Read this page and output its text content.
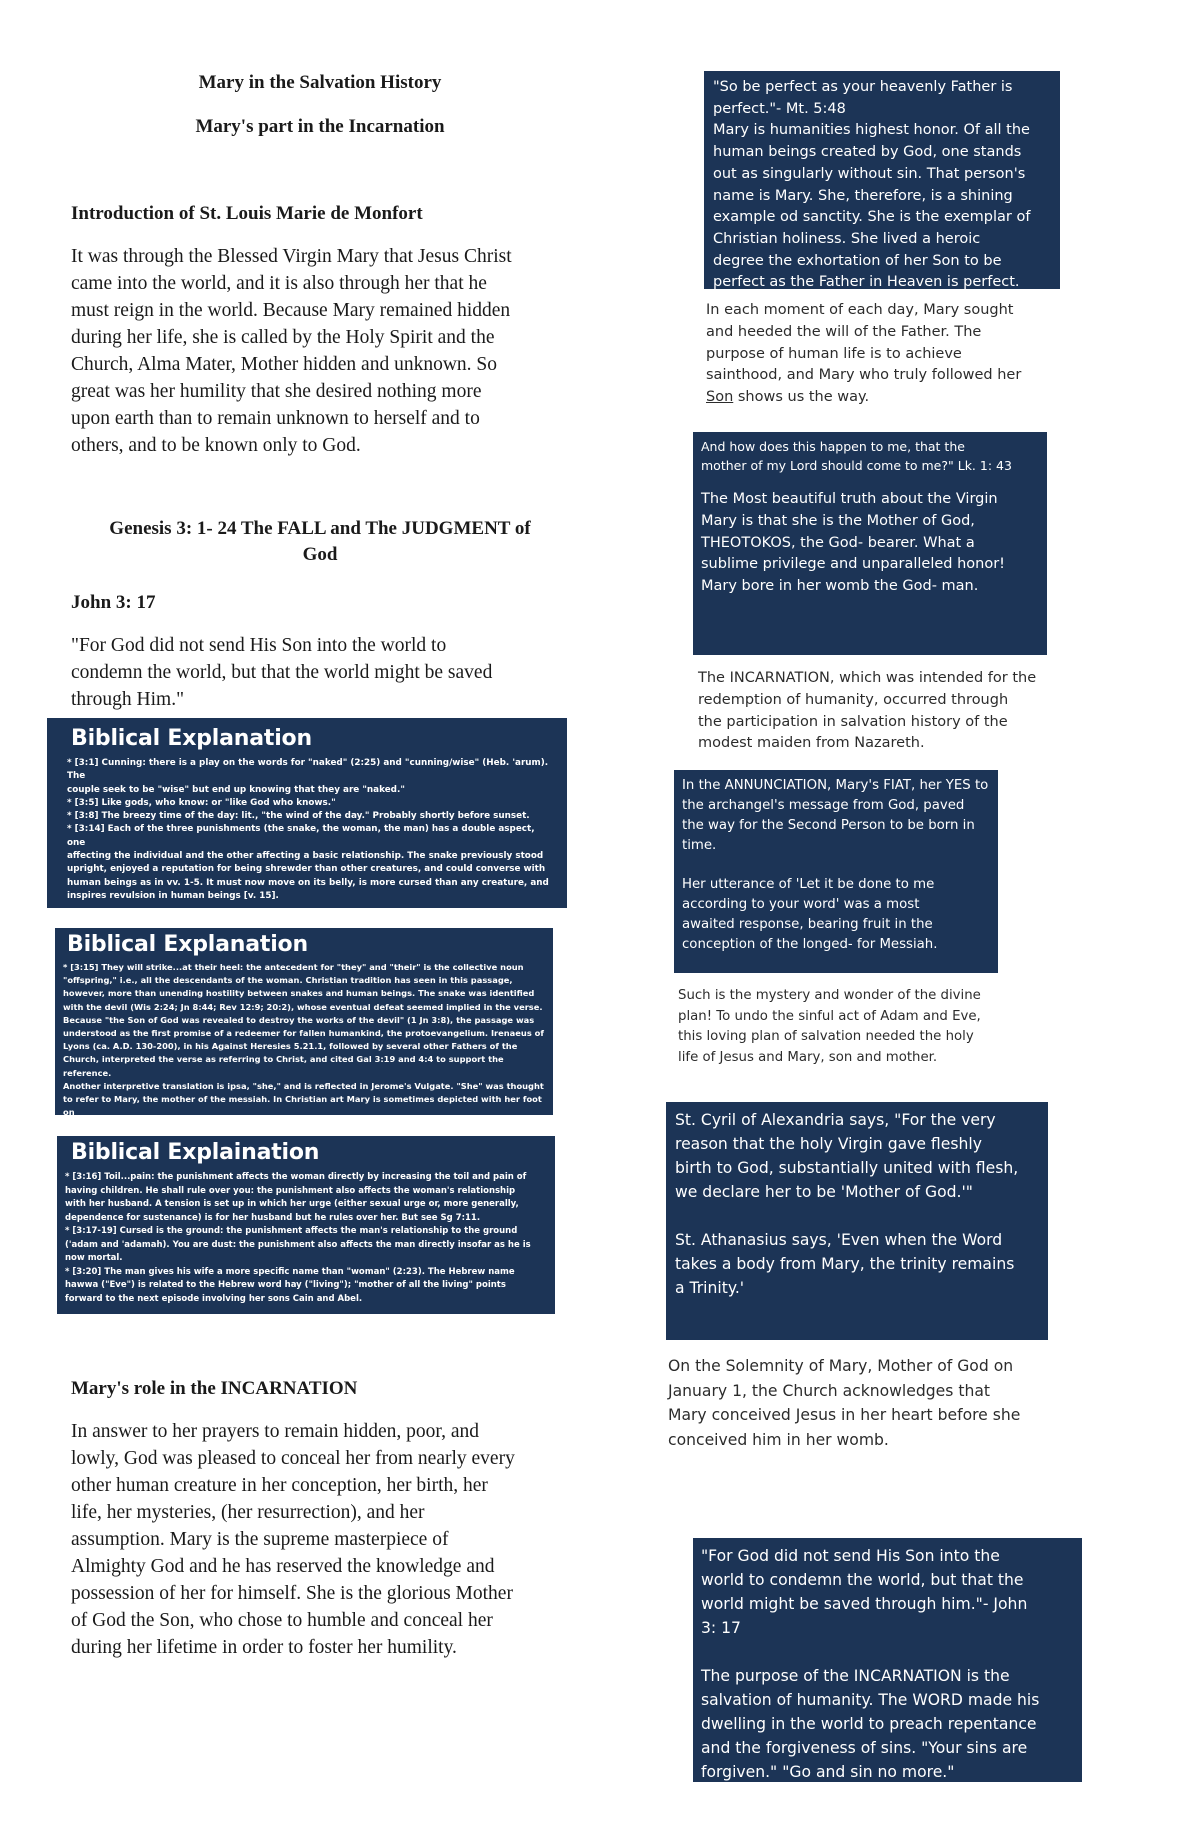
Mary in the Salvation History
Mary's part in the Incarnation
Introduction of St. Louis Marie de Monfort

It was through the Blessed Virgin Mary that Jesus Christ

came into the world, and it is also through her that he

must reign in the world. Because Mary remained hidden

during her life, she is called by the Holy Spirit and the

Church, Alma Mater, Mother hidden and unknown. So

great was her humility that she desired nothing more

upon earth than to remain unknown to herself and to

others, and to be known only to God.

Genesis 3: 1- 24 The FALL and The JUDGMENT of
God
John 3: 17

"For God did not send His Son into the world to

condemn the world, but that the world might be saved

through Him."

Biblical Explanation

* [3:1] Cunning: there is a play on the words for "naked" (2:25) and "cunning/wise" (Heb. 'arum). The

couple seek to be "wise" but end up knowing that they are "naked."

* [3:5] Like gods, who know: or "like God who knows."

* [3:8] The breezy time of the day: lit., "the wind of the day." Probably shortly before sunset.

* [3:14] Each of the three punishments (the snake, the woman, the man) has a double aspect, one

affecting the individual and the other affecting a basic relationship. The snake previously stood

upright, enjoyed a reputation for being shrewder than other creatures, and could converse with

human beings as in vv. 1-5. It must now move on its belly, is more cursed than any creature, and

inspires revulsion in human beings [v. 15].

Biblical Explanation

* [3:15] They will strike...at their heel: the antecedent for "they" and "their" is the collective noun

"offspring," i.e., all the descendants of the woman. Christian tradition has seen in this passage,

however, more than unending hostility between snakes and human beings. The snake was identified

with the devil (Wis 2:24; Jn 8:44; Rev 12:9; 20:2), whose eventual defeat seemed implied in the verse.

Because "the Son of God was revealed to destroy the works of the devil" (1 Jn 3:8), the passage was

understood as the first promise of a redeemer for fallen humankind, the protoevangelium. Irenaeus of

Lyons (ca. A.D. 130-200), in his Against Heresies 5.21.1, followed by several other Fathers of the

Church, interpreted the verse as referring to Christ, and cited Gal 3:19 and 4:4 to support the reference.

Another interpretive translation is ipsa, "she," and is reflected in Jerome's Vulgate. "She" was thought

to refer to Mary, the mother of the messiah. In Christian art Mary is sometimes depicted with her foot on

the head of the serpent.

Biblical Explaination

* [3:16] Toil...pain: the punishment affects the woman directly by increasing the toil and pain of

having children. He shall rule over you: the punishment also affects the woman's relationship

with her husband. A tension is set up in which her urge (either sexual urge or, more generally,

dependence for sustenance) is for her husband but he rules over her. But see Sg 7:11.

* [3:17-19] Cursed is the ground: the punishment affects the man's relationship to the ground

('adam and 'adamah). You are dust: the punishment also affects the man directly insofar as he is

now mortal.

* [3:20] The man gives his wife a more specific name than "woman" (2:23). The Hebrew name

hawwa ("Eve") is related to the Hebrew word hay ("living"); "mother of all the living" points

forward to the next episode involving her sons Cain and Abel.

Mary's role in the INCARNATION

In answer to her prayers to remain hidden, poor, and

lowly, God was pleased to conceal her from nearly every

other human creature in her conception, her birth, her

life, her mysteries, (her resurrection), and her

assumption. Mary is the supreme masterpiece of

Almighty God and he has reserved the knowledge and

possession of her for himself. She is the glorious Mother

of God the Son, who chose to humble and conceal her

during her lifetime in order to foster her humility.

"So be perfect as your heavenly Father is

perfect."- Mt. 5:48

Mary is humanities highest honor. Of all the

human beings created by God, one stands

out as singularly without sin. That person's

name is Mary. She, therefore, is a shining

example od sanctity. She is the exemplar of

Christian holiness. She lived a heroic

degree the exhortation of her Son to be

perfect as the Father in Heaven is perfect.

In each moment of each day, Mary sought

and heeded the will of the Father. The

purpose of human life is to achieve

sainthood, and Mary who truly followed her

Son shows us the way.

And how does this happen to me, that the

mother of my Lord should come to me?" Lk. 1: 43

The Most beautiful truth about the Virgin

Mary is that she is the Mother of God,

THEOTOKOS, the God- bearer. What a

sublime privilege and unparalleled honor!

Mary bore in her womb the God- man.

The INCARNATION, which was intended for the

redemption of humanity, occurred through

the participation in salvation history of the

modest maiden from Nazareth.

In the ANNUNCIATION, Mary's FIAT, her YES to

the archangel's message from God, paved

the way for the Second Person to be born in

time.

Her utterance of 'Let it be done to me

according to your word' was a most

awaited response, bearing fruit in the

conception of the longed- for Messiah.

Such is the mystery and wonder of the divine

plan! To undo the sinful act of Adam and Eve,

this loving plan of salvation needed the holy

life of Jesus and Mary, son and mother.

St. Cyril of Alexandria says, "For the very

reason that the holy Virgin gave fleshly

birth to God, substantially united with flesh,

we declare her to be 'Mother of God.'"

St. Athanasius says, 'Even when the Word

takes a body from Mary, the trinity remains

a Trinity.'

On the Solemnity of Mary, Mother of God on

January 1, the Church acknowledges that

Mary conceived Jesus in her heart before she

conceived him in her womb.

"For God did not send His Son into the

world to condemn the world, but that the

world might be saved through him."- John

3: 17

The purpose of the INCARNATION is the

salvation of humanity. The WORD made his

dwelling in the world to preach repentance

and the forgiveness of sins. "Your sins are

forgiven." "Go and sin no more."
